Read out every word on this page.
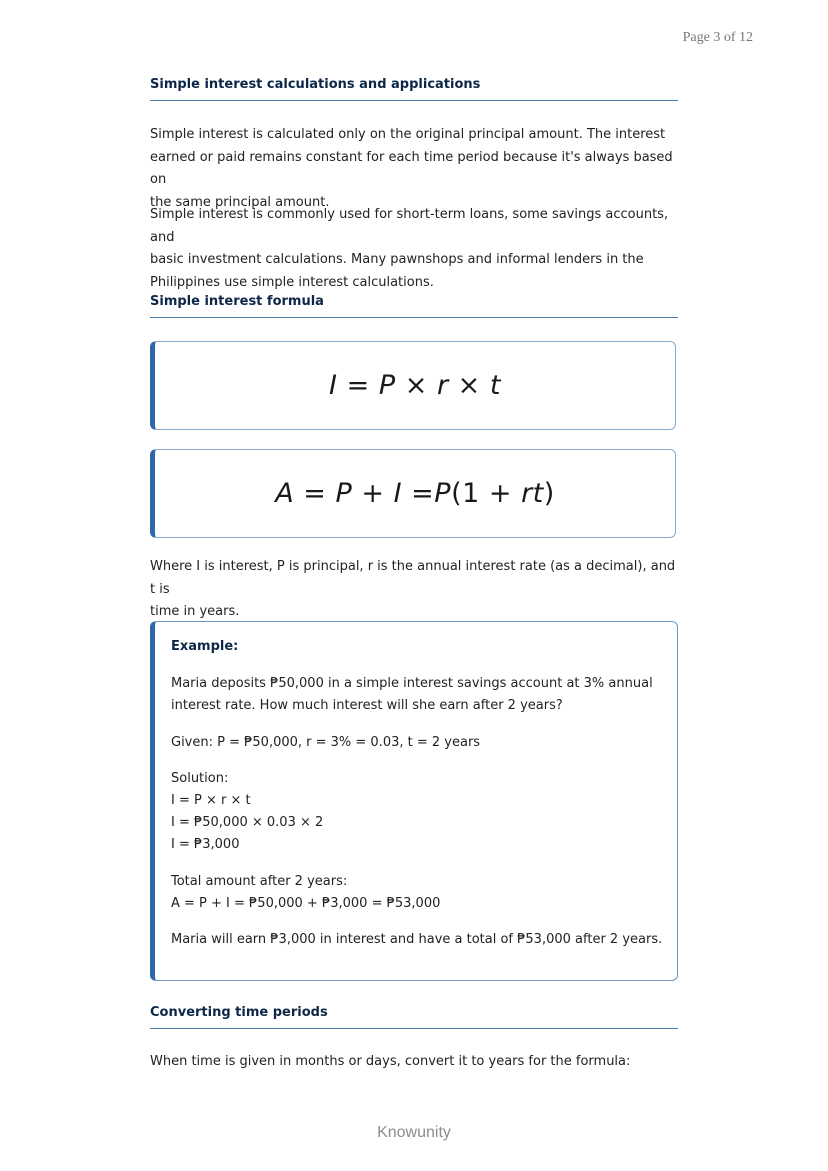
Page 3 of 12
Simple interest calculations and applications

Simple interest is calculated only on the original principal amount. The interest
earned or paid remains constant for each time period because it's always based on
the same principal amount.

Simple interest is commonly used for short-term loans, some savings accounts, and
basic investment calculations. Many pawnshops and informal lenders in the
Philippines use simple interest calculations.

Simple interest formula
I = P × r × t
A = P + I =P(1 + rt)

Where I is interest, P is principal, r is the annual interest rate (as a decimal), and t is
time in years.

Example:
Maria deposits ₱50,000 in a simple interest savings account at 3% annual
interest rate. How much interest will she earn after 2 years?
Given: P = ₱50,000, r = 3% = 0.03, t = 2 years
Solution:
I = P × r × t
I = ₱50,000 × 0.03 × 2
I = ₱3,000
Total amount after 2 years:
A = P + I = ₱50,000 + ₱3,000 = ₱53,000
Maria will earn ₱3,000 in interest and have a total of ₱53,000 after 2 years.
Converting time periods

When time is given in months or days, convert it to years for the formula:

Knowunity
